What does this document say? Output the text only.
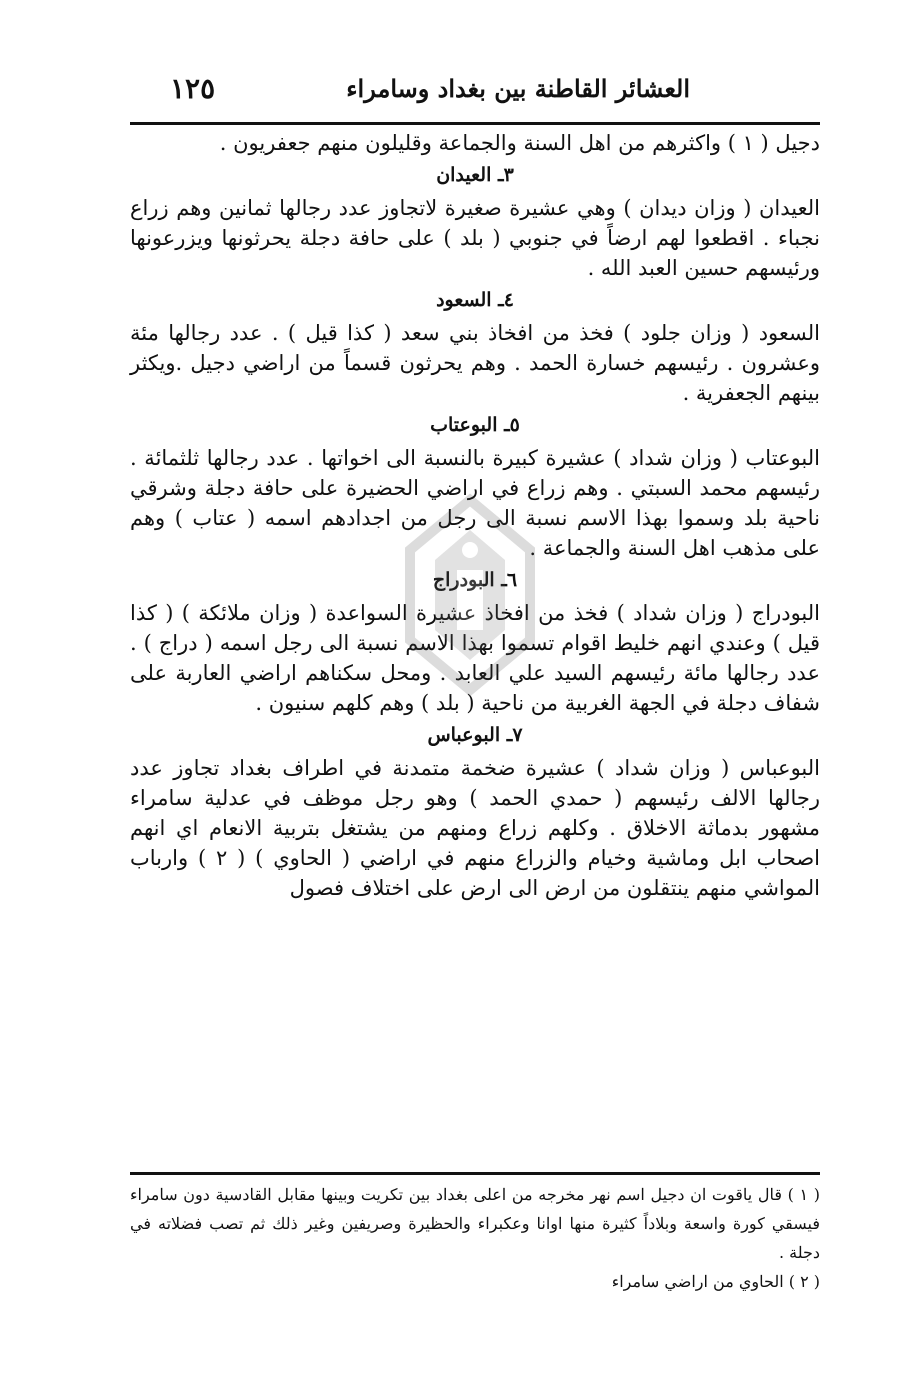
العشائر القاطنة بين بغداد وسامراء
١٢٥

دجيل ( ١ ) واكثرهم من اهل السنة والجماعة وقليلون منهم جعفريون .

٣ـ العيدان

العيدان ( وزان ديدان ) وهي عشيرة صغيرة لاتجاوز عدد رجالها ثمانين وهم زراع نجباء . اقطعوا لهم ارضاً في جنوبي ( بلد ) على حافة دجلة يحرثونها ويزرعونها ورئيسهم حسين العبد الله .

٤ـ السعود

السعود ( وزان جلود ) فخذ من افخاذ بني سعد ( كذا قيل ) . عدد رجالها مئة وعشرون . رئيسهم خسارة الحمد . وهم يحرثون قسماً من اراضي دجيل .ويكثر بينهم الجعفرية .

٥ـ البوعتاب

البوعتاب ( وزان شداد ) عشيرة كبيرة بالنسبة الى اخواتها . عدد رجالها ثلثمائة . رئيسهم محمد السبتي . وهم زراع في اراضي الحضيرة على حافة دجلة وشرقي ناحية بلد وسموا بهذا الاسم نسبة الى رجل من اجدادهم اسمه ( عتاب ) وهم على مذهب اهل السنة والجماعة .

٦ـ البودراج

البودراج ( وزان شداد ) فخذ من افخاذ عشيرة السواعدة ( وزان ملائكة ) ( كذا قيل ) وعندي انهم خليط اقوام تسموا بهذا الاسم نسبة الى رجل اسمه ( دراج ) . عدد رجالها مائة رئيسهم السيد علي العابد . ومحل سكناهم اراضي العاربة على شفاف دجلة في الجهة الغربية من ناحية ( بلد ) وهم كلهم سنيون .

٧ـ البوعباس

البوعباس ( وزان شداد ) عشيرة ضخمة متمدنة في اطراف بغداد تجاوز عدد رجالها الالف رئيسهم ( حمدي الحمد ) وهو رجل موظف في عدلية سامراء مشهور بدماثة الاخلاق . وكلهم زراع ومنهم من يشتغل بتربية الانعام اي انهم اصحاب ابل وماشية وخيام والزراع منهم في اراضي ( الحاوي ) ( ٢ ) وارباب المواشي منهم ينتقلون من ارض الى ارض على اختلاف فصول

( ١ ) قال ياقوت ان دجيل اسم نهر مخرجه من اعلى بغداد بين تكريت وبينها مقابل القادسية دون سامراء فيسقي كورة واسعة وبلاداً كثيرة منها اوانا وعكبراء والحظيرة وصريفين وغير ذلك ثم تصب فضلاته في دجلة .

( ٢ ) الحاوي من اراضي سامراء
